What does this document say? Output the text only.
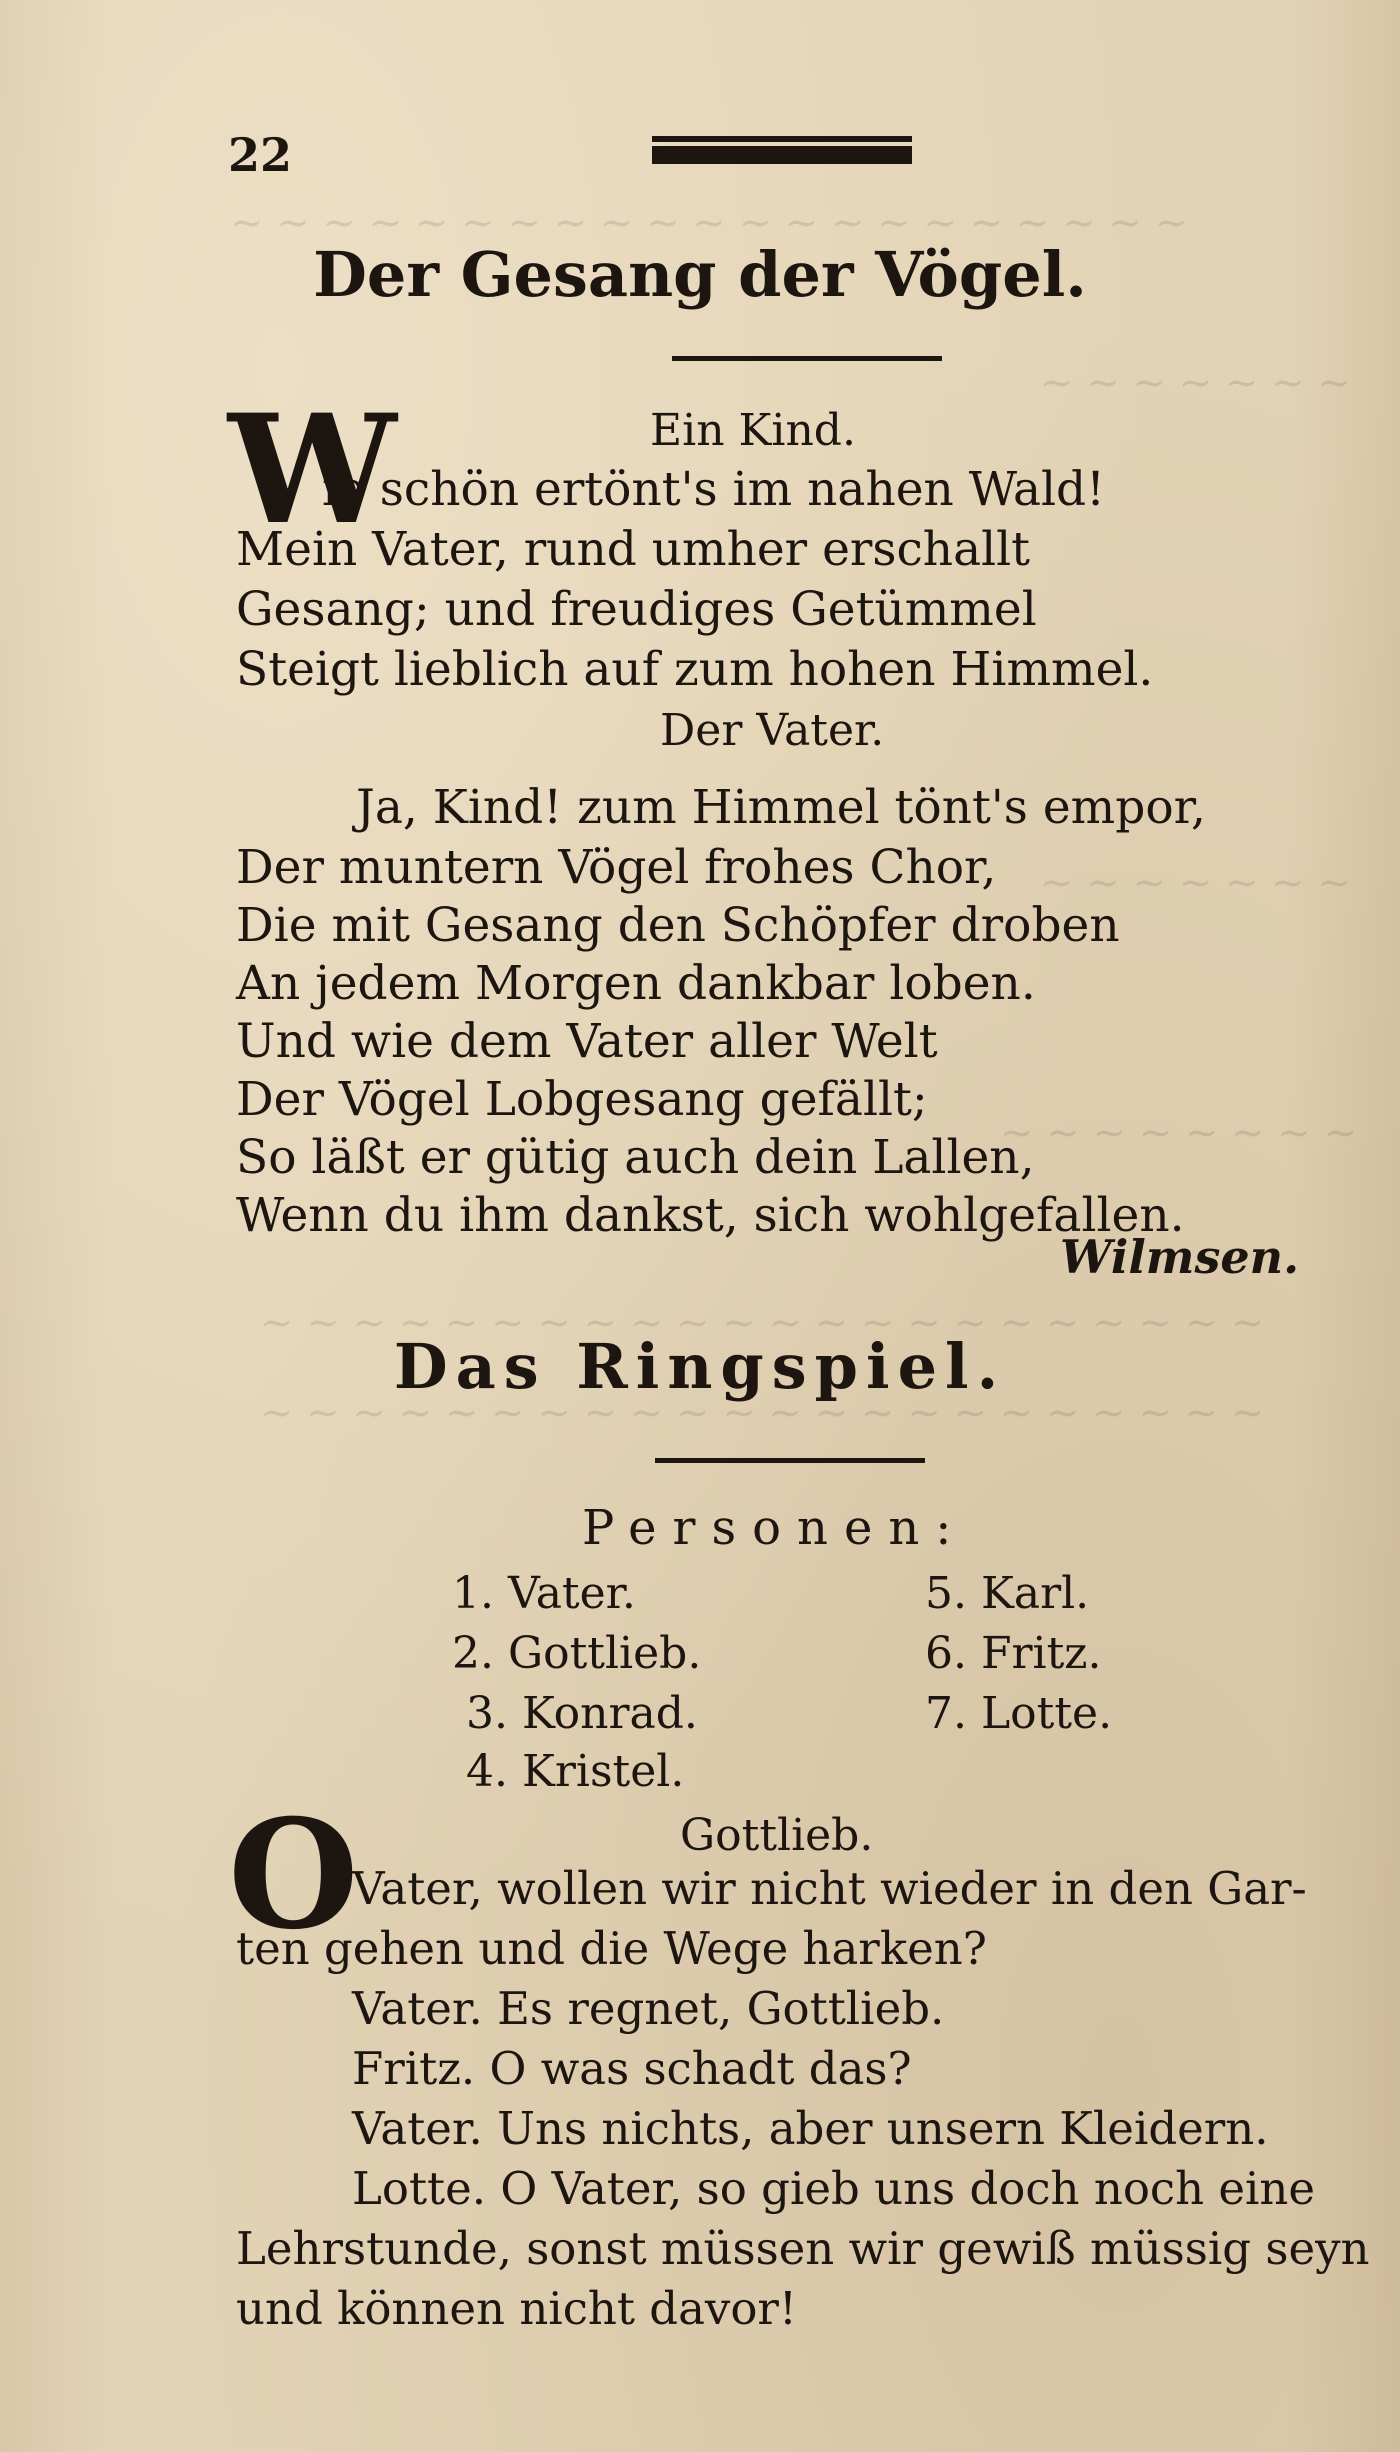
~ ~ ~ ~ ~ ~ ~ ~ ~ ~ ~ ~ ~ ~ ~ ~ ~ ~ ~ ~ ~
~ ~ ~ ~ ~ ~ ~
~ ~ ~ ~ ~ ~ ~
~ ~ ~ ~ ~ ~ ~ ~
~ ~ ~ ~ ~ ~ ~ ~ ~ ~ ~ ~ ~ ~ ~ ~ ~ ~ ~ ~ ~ ~
~ ~ ~ ~ ~ ~ ~ ~ ~ ~ ~ ~ ~ ~ ~ ~ ~ ~ ~ ~ ~ ~
22
Der Gesang der Vögel.
Ein Kind.
W
ie schön ertönt's im nahen Wald!
Mein Vater, rund umher erschallt
Gesang; und freudiges Getümmel
Steigt lieblich auf zum hohen Himmel.
Der Vater.
Ja, Kind! zum Himmel tönt's empor,
Der muntern Vögel frohes Chor,
Die mit Gesang den Schöpfer droben
An jedem Morgen dankbar loben.
Und wie dem Vater aller Welt
Der Vögel Lobgesang gefällt;
So läßt er gütig auch dein Lallen,
Wenn du ihm dankst, sich wohlgefallen.
Wilmsen.
Das Ringspiel.
Personen:
1. Vater.
2. Gottlieb.
3. Konrad.
4. Kristel.
5. Karl.
6. Fritz.
7. Lotte.
Gottlieb.
O
Vater, wollen wir nicht wieder in den Gar-
ten gehen und die Wege harken?
Vater. Es regnet, Gottlieb.
Fritz. O was schadt das?
Vater. Uns nichts, aber unsern Kleidern.
Lotte. O Vater, so gieb uns doch noch eine
Lehrstunde, sonst müssen wir gewiß müssig seyn
und können nicht davor!
